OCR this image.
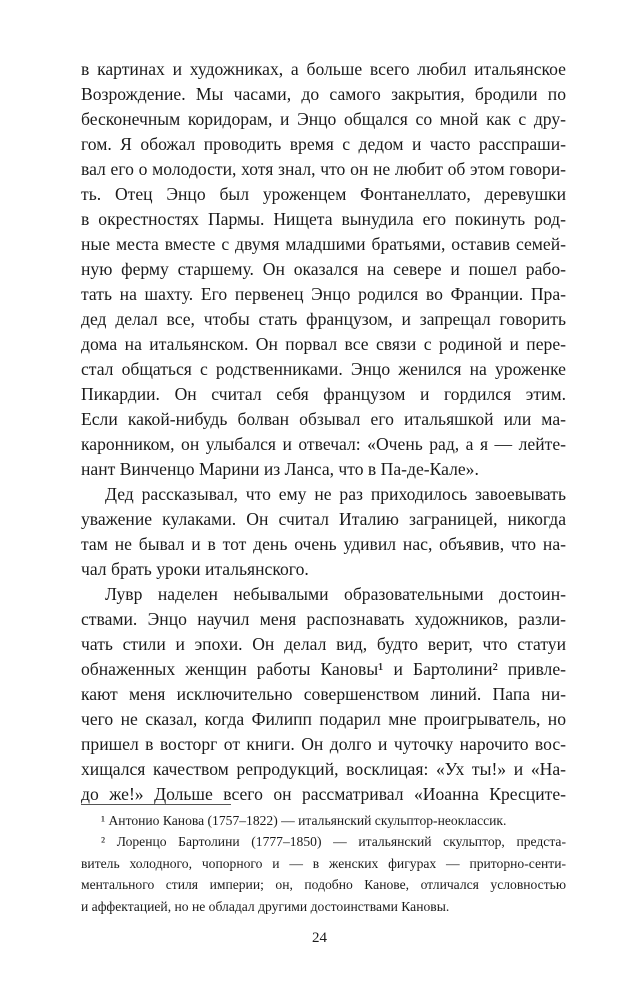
в картинах и художниках, а больше всего любил итальянское
Возрождение. Мы часами, до самого закрытия, бродили по
бесконечным коридорам, и Энцо общался со мной как с дру-
гом. Я обожал проводить время с дедом и часто расспраши-
вал его о молодости, хотя знал, что он не любит об этом говори-
ть. Отец Энцо был уроженцем Фонтанеллато, деревушки
в окрестностях Пармы. Нищета вынудила его покинуть род-
ные места вместе с двумя младшими братьями, оставив семей-
ную ферму старшему. Он оказался на севере и пошел рабо-
тать на шахту. Его первенец Энцо родился во Франции. Пра-
дед делал все, чтобы стать французом, и запрещал говорить
дома на итальянском. Он порвал все связи с родиной и пере-
стал общаться с родственниками. Энцо женился на уроженке
Пикардии. Он считал себя французом и гордился этим.
Если какой-нибудь болван обзывал его итальяшкой или ма-
каронником, он улыбался и отвечал: «Очень рад, а я — лейте-
нант Винченцо Марини из Ланса, что в Па-де-Кале».
Дед рассказывал, что ему не раз приходилось завоевывать
уважение кулаками. Он считал Италию заграницей, никогда
там не бывал и в тот день очень удивил нас, объявив, что на-
чал брать уроки итальянского.
Лувр наделен небывалыми образовательными достоин-
ствами. Энцо научил меня распознавать художников, разли-
чать стили и эпохи. Он делал вид, будто верит, что статуи
обнаженных женщин работы Кановы¹ и Бартолини² привле-
кают меня исключительно совершенством линий. Папа ни-
чего не сказал, когда Филипп подарил мне проигрыватель, но
пришел в восторг от книги. Он долго и чуточку нарочито вос-
хищался качеством репродукций, восклицая: «Ух ты!» и «На-
до же!» Дольше всего он рассматривал «Иоанна Кресците-
¹ Антонио Канова (1757–1822) — итальянский скульптор-неоклассик.
² Лоренцо Бартолини (1777–1850) — итальянский скульптор, предста-
витель холодного, чопорного и — в женских фигурах — приторно-сенти-
ментального стиля империи; он, подобно Канове, отличался условностью
и аффектацией, но не обладал другими достоинствами Кановы.
24
